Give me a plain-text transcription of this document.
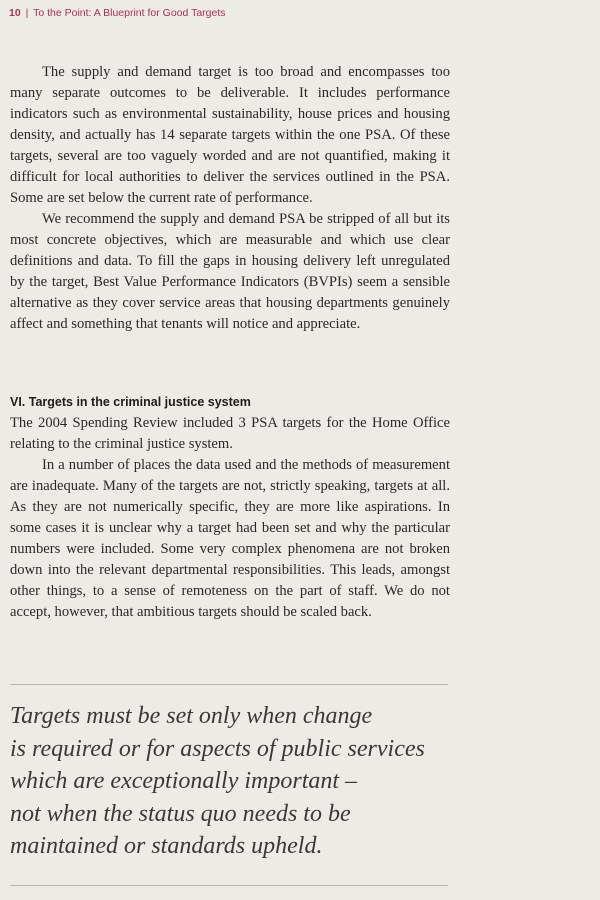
10 | To the Point: A Blueprint for Good Targets

The supply and demand target is too broad and encompasses too many separate outcomes to be deliverable. It includes performance indicators such as environmental sustainability, house prices and housing density, and actually has 14 separate targets within the one PSA. Of these targets, several are too vaguely worded and are not quantified, making it difficult for local authorities to deliver the services outlined in the PSA. Some are set below the current rate of performance.

We recommend the supply and demand PSA be stripped of all but its most concrete objectives, which are measurable and which use clear definitions and data. To fill the gaps in housing delivery left unregulated by the target, Best Value Performance Indicators (BVPIs) seem a sensible alternative as they cover service areas that housing departments genuinely affect and something that tenants will notice and appreciate.

VI. Targets in the criminal justice system

The 2004 Spending Review included 3 PSA targets for the Home Office relating to the criminal justice system.

In a number of places the data used and the methods of measurement are inadequate. Many of the targets are not, strictly speaking, targets at all. As they are not numerically specific, they are more like aspirations. In some cases it is unclear why a target had been set and why the particular numbers were included. Some very complex phenomena are not broken down into the relevant departmental responsibilities. This leads, amongst other things, to a sense of remoteness on the part of staff. We do not accept, however, that ambitious targets should be scaled back.

Targets must be set only when change
is required or for aspects of public services
which are exceptionally important –
not when the status quo needs to be
maintained or standards upheld.
